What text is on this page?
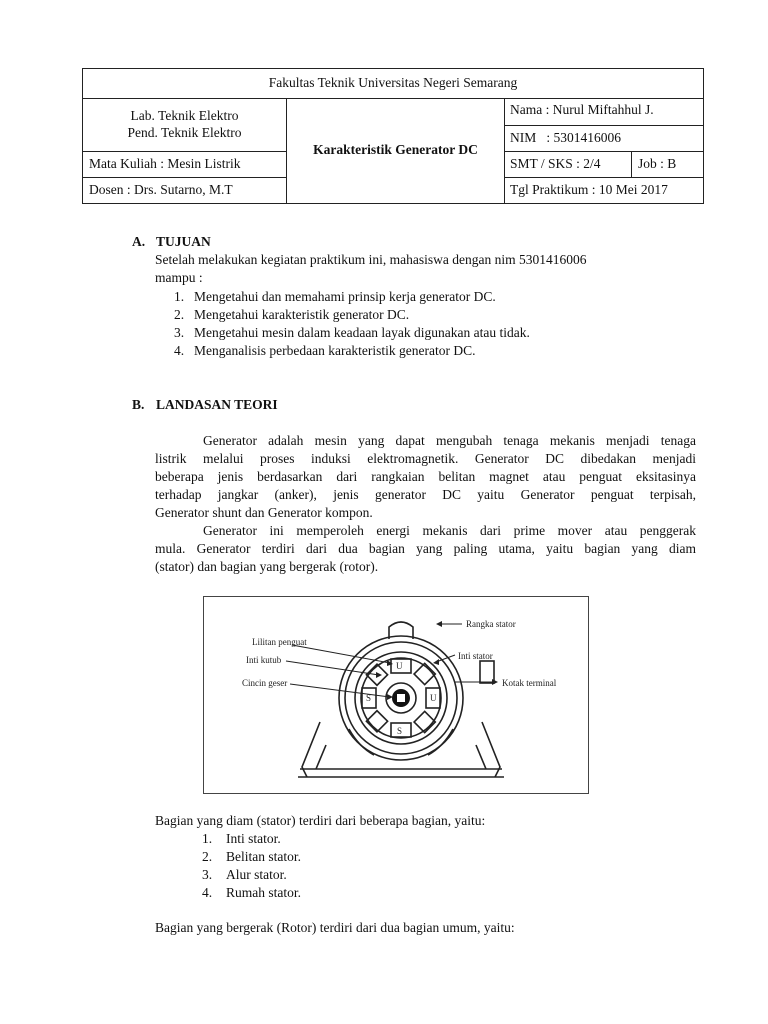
Fakultas Teknik Universitas Negeri Semarang
Lab. Teknik Elektro
Pend. Teknik Elektro
Mata Kuliah : Mesin Listrik
Dosen : Drs. Sutarno, M.T
Karakteristik Generator DC
Nama : Nurul Miftahhul J.
NIM   : 5301416006
SMT / SKS : 2/4	Job : B
Tgl Praktikum : 10 Mei 2017
A. TUJUAN
Setelah melakukan kegiatan praktikum ini, mahasiswa dengan nim 5301416006
mampu :
1. Mengetahui dan memahami prinsip kerja generator DC.
2. Mengetahui karakteristik generator DC.
3. Mengetahui mesin dalam keadaan layak digunakan atau tidak.
4. Menganalisis perbedaan karakteristik generator DC.
B. LANDASAN TEORI
Generator adalah mesin yang dapat mengubah tenaga mekanis menjadi tenaga
listrik melalui proses induksi elektromagnetik. Generator DC dibedakan menjadi
beberapa jenis berdasarkan dari rangkaian belitan magnet atau penguat eksitasinya
terhadap jangkar (anker), jenis generator DC yaitu Generator penguat terpisah,
Generator shunt dan Generator kompon.
Generator ini memperoleh energi mekanis dari prime mover atau penggerak
mula. Generator terdiri dari dua bagian yang paling utama, yaitu bagian yang diam
(stator) dan bagian yang bergerak (rotor).
U
S
S	U
Rangka stator
Lilitan penguat
Inti stator
Inti kutub
Kotak terminal
Cincin geser
Bagian yang diam (stator) terdiri dari beberapa bagian, yaitu:
1. Inti stator.
2. Belitan stator.
3. Alur stator.
4. Rumah stator.
Bagian yang bergerak (Rotor) terdiri dari dua bagian umum, yaitu:
